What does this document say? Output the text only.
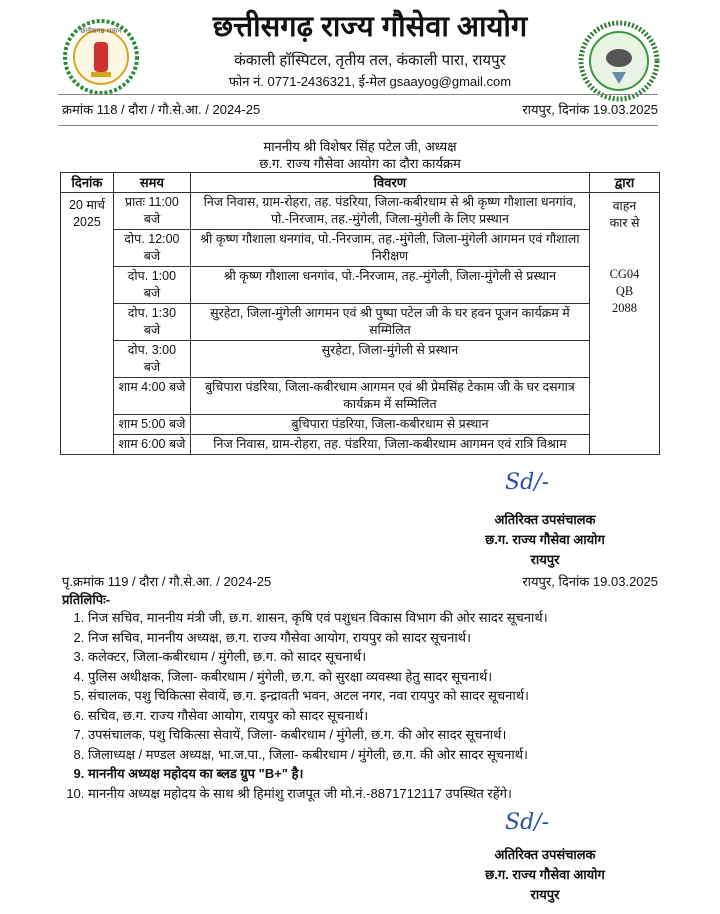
छत्तीसगढ़ शासन	छत्तीसगढ़ राज्य गौसेवा आयोग
कंकाली हॉस्पिटल, तृतीय तल, कंकाली पारा, रायपुर
फोन नं. 0771-2436321, ई-मेल gsaayog@gmail.com
क्रमांक 118 / दौरा / गौ.से.आ. / 2024-25	रायपुर, दिनांक 19.03.2025
माननीय श्री विशेषर सिंह पटेल जी, अध्यक्ष
छ.ग. राज्य गौसेवा आयोग का दौरा कार्यक्रम
दिनांक	समय	विवरण	द्वारा
20 मार्च 2025	प्रातः 11:00 बजे	निज निवास, ग्राम-रोहरा, तह. पंडरिया, जिला-कबीरधाम से श्री कृष्ण गौशाला धनगांव, पो.-निरजाम, तह.-मुंगेली, जिला-मुंगेली के लिए प्रस्थान	वाहन कार से
CG04 QB 2088

	दोप. 12:00 बजे	श्री कृष्ण गौशाला धनगांव, पो.-निरजाम, तह.-मुंगेली, जिला-मुंगेली आगमन एवं गौशाला निरीक्षण	
	दोप. 1:00 बजे	श्री कृष्ण गौशाला धनगांव, पो.-निरजाम, तह.-मुंगेली, जिला-मुंगेली से प्रस्थान	
	दोप. 1:30 बजे	सुरहेटा, जिला-मुंगेली आगमन एवं श्री पुष्पा पटेल जी के घर हवन पूजन कार्यक्रम में सम्मिलित	
	दोप. 3:00 बजे	सुरहेटा, जिला-मुंगेली से प्रस्थान	
	शाम 4:00 बजे	बुचिपारा पंडरिया, जिला-कबीरधाम आगमन एवं श्री प्रेमसिंह टेकाम जी के घर दसगात्र कार्यक्रम में सम्मिलित	
	शाम 5:00 बजे	बुचिपारा पंडरिया, जिला-कबीरधाम से प्रस्थान	
	शाम 6:00 बजे	निज निवास, ग्राम-रोहरा, तह. पंडरिया, जिला-कबीरधाम आगमन एवं रात्रि विश्राम	
Sd/-
अतिरिक्त उपसंचालक
छ.ग. राज्य गौसेवा आयोग
रायपुर
पृ.क्रमांक 119 / दौरा / गौ.से.आ. / 2024-25	रायपुर, दिनांक 19.03.2025
प्रतिलिपिः-
1. निज सचिव, माननीय मंत्री जी, छ.ग. शासन, कृषि एवं पशुधन विकास विभाग की ओर सादर सूचनार्थ।
2. निज सचिव, माननीय अध्यक्ष, छ.ग. राज्य गौसेवा आयोग, रायपुर को सादर सूचनार्थ।
3. कलेक्टर, जिला-कबीरधाम / मुंगेली, छ.ग. को सादर सूचनार्थ।
4. पुलिस अधीक्षक, जिला- कबीरधाम / मुंगेली, छ.ग. को सुरक्षा व्यवस्था हेतु सादर सूचनार्थ।
5. संचालक, पशु चिकित्सा सेवायें, छ.ग. इन्द्रावती भवन, अटल नगर, नवा रायपुर को सादर सूचनार्थ।
6. सचिव, छ.ग. राज्य गौसेवा आयोग, रायपुर को सादर सूचनार्थ।
7. उपसंचालक, पशु चिकित्सा सेवायें, जिला- कबीरधाम / मुंगेली, छ.ग. की ओर सादर सूचनार्थ।
8. जिलाध्यक्ष / मण्डल अध्यक्ष, भा.ज.पा., जिला- कबीरधाम / मुंगेली, छ.ग. की ओर सादर सूचनार्थ।
9. माननीय अध्यक्ष महोदय का ब्लड ग्रुप "B+" है।
10. माननीय अध्यक्ष महोदय के साथ श्री हिमांशु राजपूत जी मो.नं.-8871712117 उपस्थित रहेंगे।
Sd/-
अतिरिक्त उपसंचालक
छ.ग. राज्य गौसेवा आयोग
रायपुर
